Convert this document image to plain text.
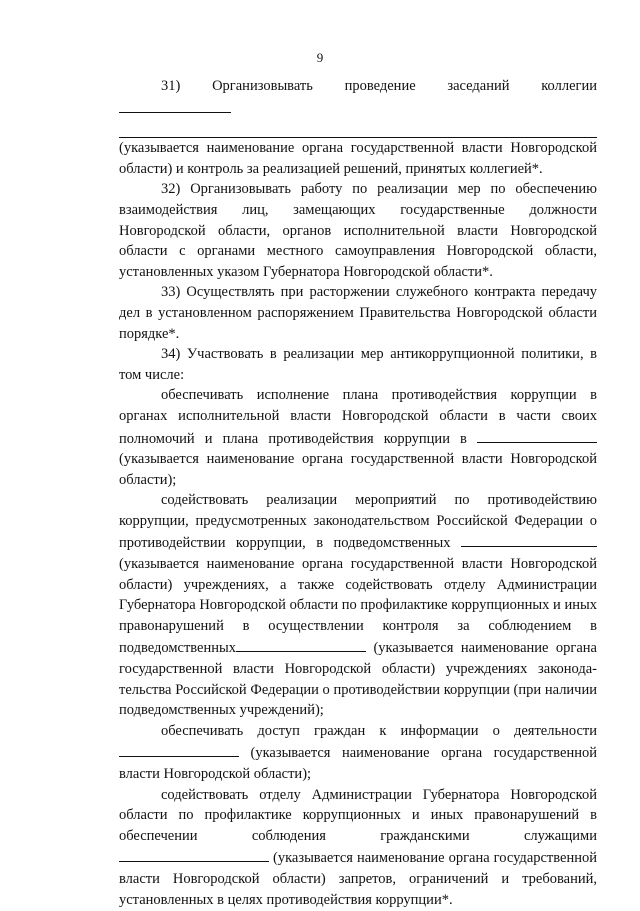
9

31) Организовывать проведение заседаний коллегии

(указывается наименование органа государственной власти Новгородской области) и контроль за реализацией решений, принятых коллегией*.

32) Организовывать работу по реализации мер по обеспечению взаимодействия лиц, замещающих государственные должности Новгородской области, органов исполнительной власти Новгородской области с органами местного самоуправления Новгородской области, установленных указом Губернатора Новгородской области*.

33) Осуществлять при расторжении служебного контракта передачу дел в установленном распоряжением Правительства Новгородской области порядке*.

34) Участвовать в реализации мер антикоррупционной политики, в том числе:

обеспечивать исполнение плана противодействия коррупции в органах исполнительной власти Новгородской области в части своих полномочий и плана противодействия коррупции в  (указывается наименование органа государственной власти Новгородской области);

содействовать реализации мероприятий по противодействию коррупции, предусмотренных законодательством Российской Федерации о противодействии коррупции, в подведомственных  (указывается наименование органа государственной власти Новгородской области) учреждениях, а также содействовать отделу Администрации Губернатора Новгородской области по профилактике коррупционных и иных правонарушений в осуществлении контроля за соблюдением в подведомственных	(указывается наименование органа государственной власти Новгородской области) учреждениях законода-тельства Российской Федерации о противодействии коррупции (при наличии подведомственных учреждений);

обеспечивать доступ граждан к информации о деятельности  (указывается наименование органа государственной власти Новгородской области);

содействовать отделу Администрации Губернатора Новгородской области по профилактике коррупционных и иных правонарушений в обеспечении соблюдения гражданскими служащими  (указывается наименование органа государственной власти Новгородской области) запретов, ограничений и требований, установленных в целях противодействия коррупции*.
